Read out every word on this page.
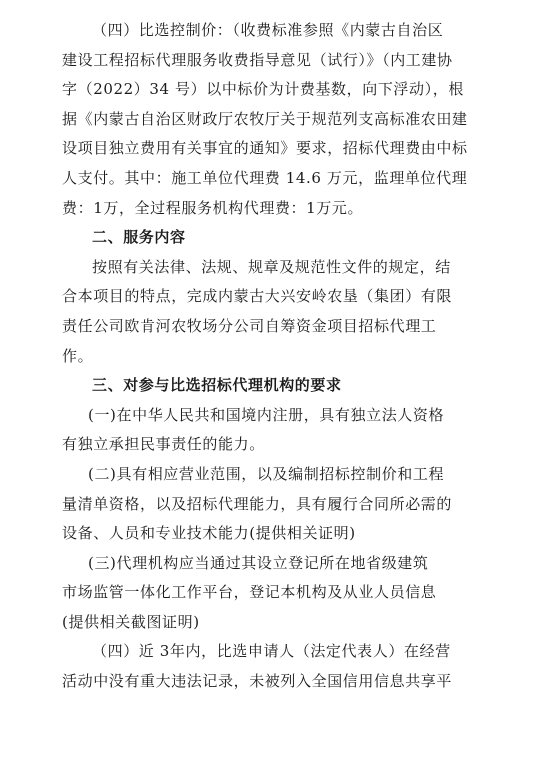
（四）比选控制价：（收费标准参照《内蒙古自治区
建设工程招标代理服务收费指导意见（试行）》（内工建协
字（2022）34 号）以中标价为计费基数，向下浮动），根
据《内蒙古自治区财政厅农牧厅关于规范列支高标准农田建
设项目独立费用有关事宜的通知》要求，招标代理费由中标
人支付。其中：施工单位代理费 14.6 万元，监理单位代理
费：1万，全过程服务机构代理费：1万元。
二、服务内容
按照有关法律、法规、规章及规范性文件的规定，结
合本项目的特点，完成内蒙古大兴安岭农垦（集团）有限
责任公司欧肯河农牧场分公司自筹资金项目招标代理工
作。
三、对参与比选招标代理机构的要求
(一)在中华人民共和国境内注册，具有独立法人资格
有独立承担民事责任的能力。
(二)具有相应营业范围，以及编制招标控制价和工程
量清单资格，以及招标代理能力，具有履行合同所必需的
设备、人员和专业技术能力(提供相关证明)
(三)代理机构应当通过其设立登记所在地省级建筑
市场监管一体化工作平台，登记本机构及从业人员信息
(提供相关截图证明)
（四）近 3年内，比选申请人（法定代表人）在经营
活动中没有重大违法记录，未被列入全国信用信息共享平
